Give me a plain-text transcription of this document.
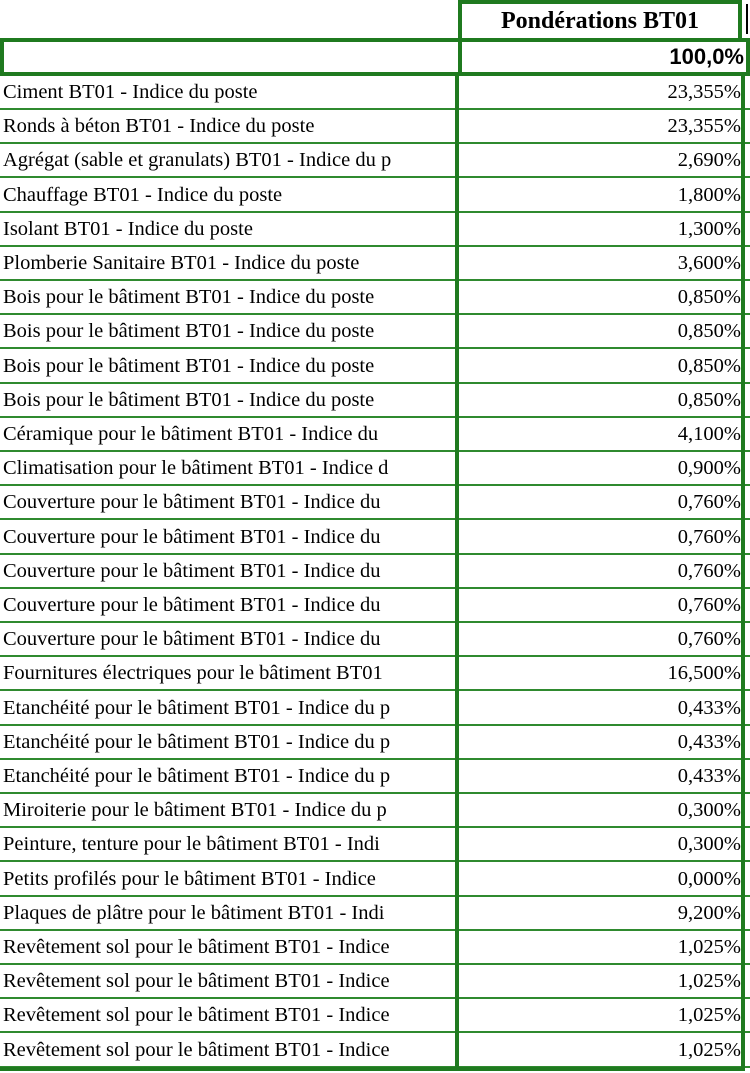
Pondérations BT01
100,0%
Ciment BT01 - Indice du poste	23,355%
Ronds à béton BT01 - Indice du poste	23,355%
Agrégat (sable et granulats) BT01 - Indice du p	2,690%
Chauffage BT01 - Indice du poste	1,800%
Isolant BT01 - Indice du poste	1,300%
Plomberie Sanitaire BT01 - Indice du poste	3,600%
Bois pour le bâtiment BT01 - Indice du poste	0,850%
Bois pour le bâtiment BT01 - Indice du poste	0,850%
Bois pour le bâtiment BT01 - Indice du poste	0,850%
Bois pour le bâtiment BT01 - Indice du poste	0,850%
Céramique pour le bâtiment BT01 - Indice du	4,100%
Climatisation pour le bâtiment BT01 - Indice d	0,900%
Couverture pour le bâtiment BT01 - Indice du	0,760%
Couverture pour le bâtiment BT01 - Indice du	0,760%
Couverture pour le bâtiment BT01 - Indice du	0,760%
Couverture pour le bâtiment BT01 - Indice du	0,760%
Couverture pour le bâtiment BT01 - Indice du	0,760%
Fournitures électriques pour le bâtiment BT01	16,500%
Etanchéité pour le bâtiment BT01 - Indice du p	0,433%
Etanchéité pour le bâtiment BT01 - Indice du p	0,433%
Etanchéité pour le bâtiment BT01 - Indice du p	0,433%
Miroiterie pour le bâtiment BT01 - Indice du p	0,300%
Peinture, tenture pour le bâtiment BT01 - Indi	0,300%
Petits profilés pour le bâtiment BT01 - Indice	0,000%
Plaques de plâtre pour le bâtiment BT01 - Indi	9,200%
Revêtement sol pour le bâtiment BT01 - Indice	1,025%
Revêtement sol pour le bâtiment BT01 - Indice	1,025%
Revêtement sol pour le bâtiment BT01 - Indice	1,025%
Revêtement sol pour le bâtiment BT01 - Indice	1,025%
